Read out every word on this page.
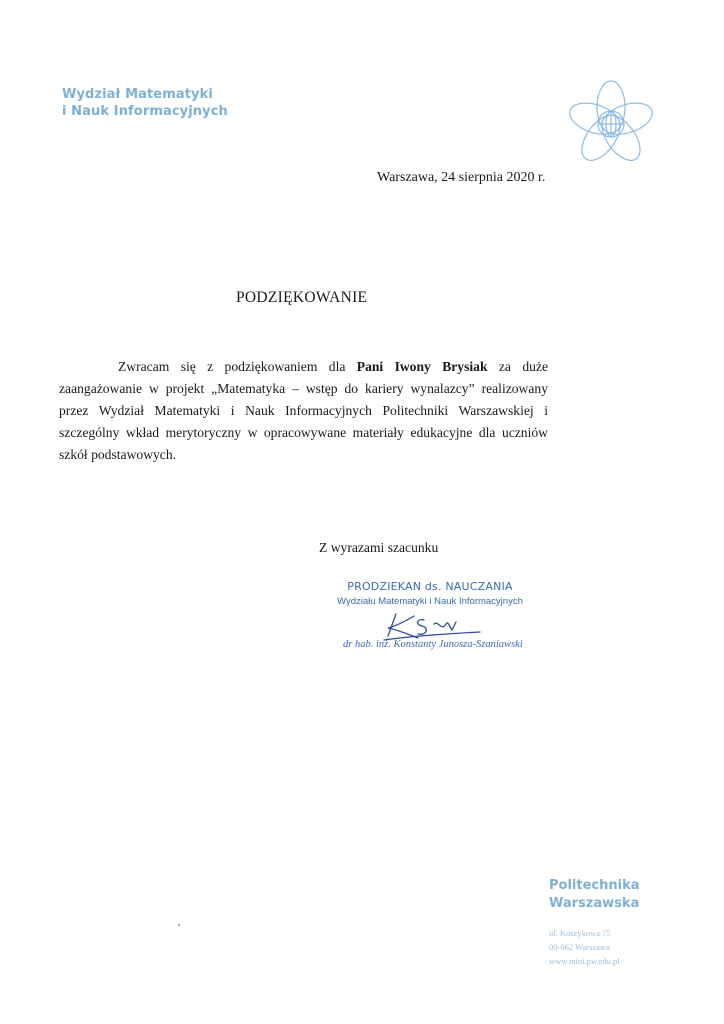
Wydział Matematyki
i Nauk Informacyjnych
Warszawa, 24 sierpnia 2020 r.
PODZIĘKOWANIE

Zwracam się z podziękowaniem dla Pani Iwony Brysiak za duże zaangażowanie w projekt „Matematyka – wstęp do kariery wynalazcy” realizowany przez Wydział Matematyki i Nauk Informacyjnych Politechniki Warszawskiej i szczególny wkład merytoryczny w opracowywane materiały edukacyjne dla uczniów szkół podstawowych.

Z wyrazami szacunku
PRODZIEKAN ds. NAUCZANIA
Wydziału Matematyki i Nauk Informacyjnych
dr hab. inż. Konstanty Junosza-Szaniawski
Politechnika
Warszawska
ul. Koszykowa 75
00-662 Warszawa
www.mini.pw.edu.pl
